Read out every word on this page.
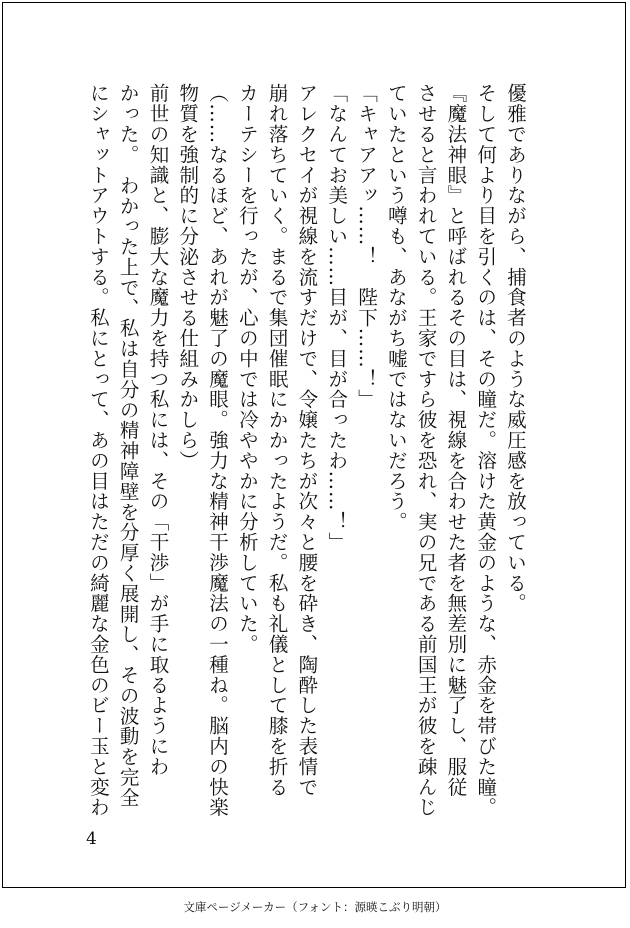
優雅でありながら、捕食者のような威圧感を放っている。
そして何より目を引くのは、その瞳だ。溶けた黄金のような、赤金を帯びた瞳。
『魔法神眼』と呼ばれるその目は、視線を合わせた者を無差別に魅了し、服従
させると言われている。王家ですら彼を恐れ、実の兄である前国王が彼を疎んじ
ていたという噂も、あながち嘘ではないだろう。
「キャアアッ……！　陛下……！」
「なんてお美しい……目が、目が合ったわ……！」
アレクセイが視線を流すだけで、令嬢たちが次々と腰を砕き、陶酔した表情で
崩れ落ちていく。まるで集団催眠にかかったようだ。私も礼儀として膝を折る
カーテシーを行ったが、心の中では冷ややかに分析していた。
（……なるほど、あれが魅了の魔眼。強力な精神干渉魔法の一種ね。脳内の快楽
物質を強制的に分泌させる仕組みかしら）
前世の知識と、膨大な魔力を持つ私には、その「干渉」が手に取るようにわ
かった。　わかった上で、私は自分の精神障壁を分厚く展開し、その波動を完全
にシャットアウトする。私にとって、あの目はただの綺麗な金色のビー玉と変わ
4
文庫ページメーカー（フォント：源暎こぶり明朝）
